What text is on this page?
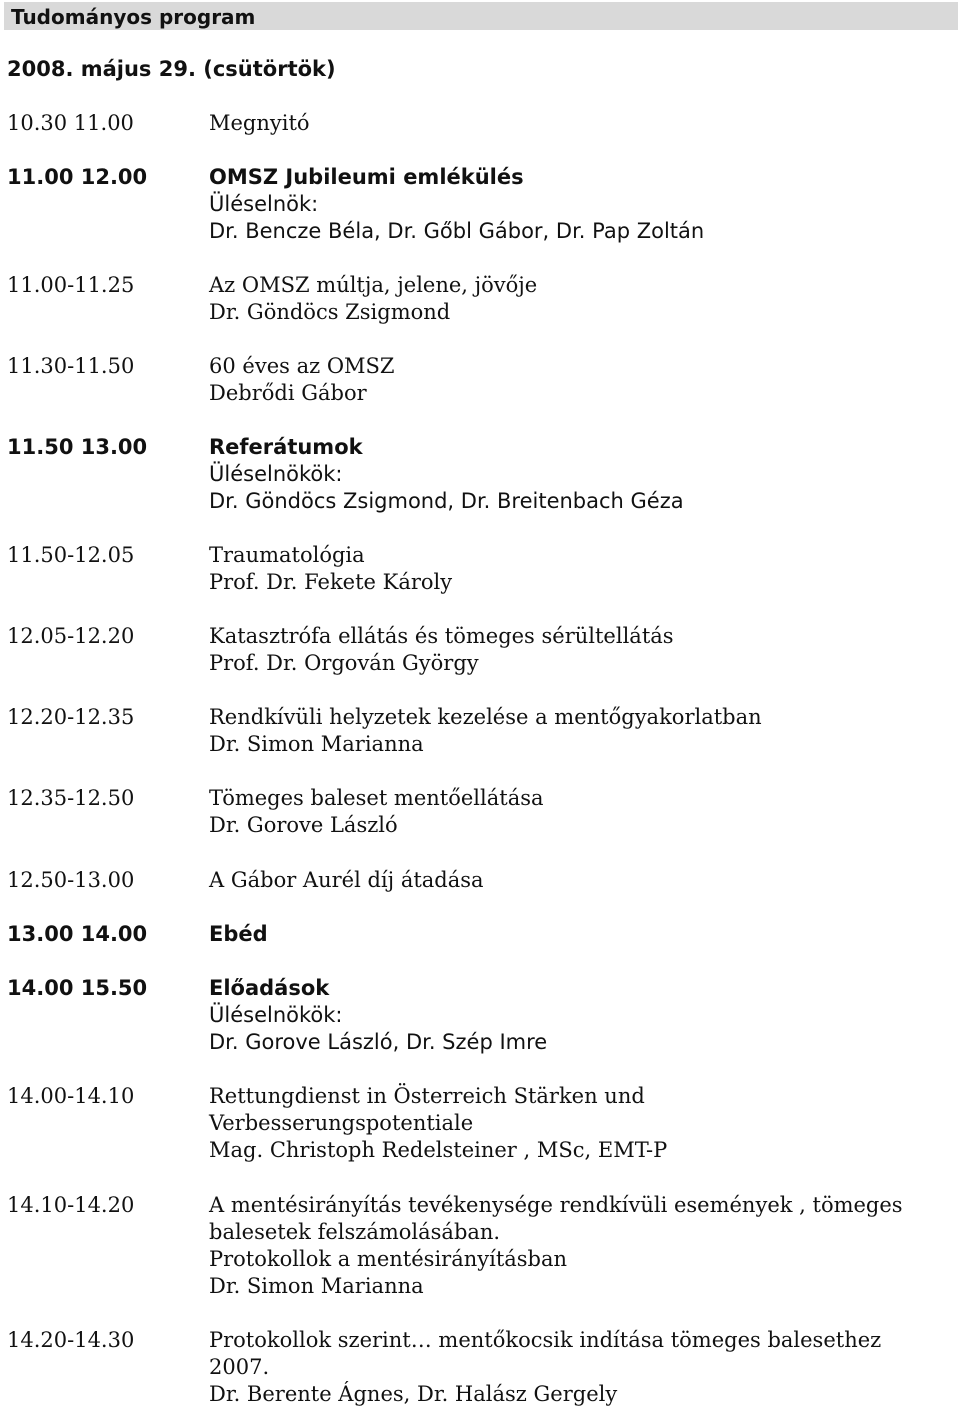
Tudományos program
2008. május 29. (csütörtök)
10.30 11.00	Megnyitó
11.00 12.00	OMSZ Jubileumi emlékülés
Üléselnök:
Dr. Bencze Béla, Dr. Gőbl Gábor, Dr. Pap Zoltán
11.00-11.25	Az OMSZ múltja, jelene, jövője
Dr. Göndöcs Zsigmond
11.30-11.50	60 éves az OMSZ
Debrődi Gábor
11.50 13.00	Referátumok
Üléselnökök:
Dr. Göndöcs Zsigmond, Dr. Breitenbach Géza
11.50-12.05	Traumatológia
Prof. Dr. Fekete Károly
12.05-12.20	Katasztrófa ellátás és tömeges sérültellátás
Prof. Dr. Orgován György
12.20-12.35	Rendkívüli helyzetek kezelése a mentőgyakorlatban
Dr. Simon Marianna
12.35-12.50	Tömeges baleset mentőellátása
Dr. Gorove László
12.50-13.00	A Gábor Aurél díj átadása
13.00 14.00	Ebéd
14.00 15.50	Előadások
Üléselnökök:
Dr. Gorove László, Dr. Szép Imre
14.00-14.10	Rettungdienst in Österreich Stärken und
Verbesserungspotentiale
Mag. Christoph Redelsteiner , MSc, EMT-P
14.10-14.20	A mentésirányítás tevékenysége rendkívüli események , tömeges
balesetek felszámolásában.
Protokollok a mentésirányításban
Dr. Simon Marianna
14.20-14.30	Protokollok szerint… mentőkocsik indítása tömeges balesethez
2007.
Dr. Berente Ágnes, Dr. Halász Gergely
